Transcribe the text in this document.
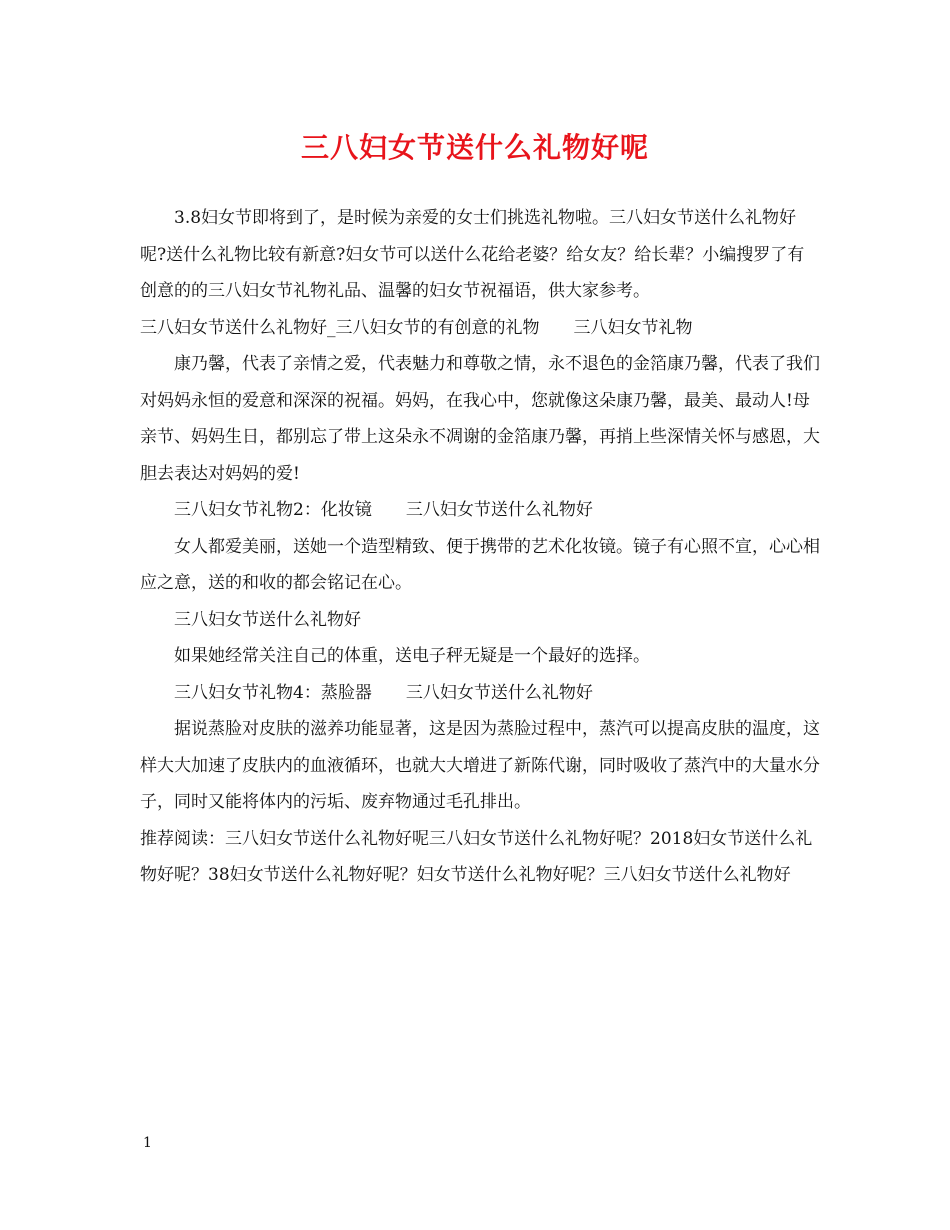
三八妇女节送什么礼物好呢

3.8妇女节即将到了，是时候为亲爱的女士们挑选礼物啦。三八妇女节送什么礼物好呢?送什么礼物比较有新意?妇女节可以送什么花给老婆？给女友？给长辈？小编搜罗了有创意的的三八妇女节礼物礼品、温馨的妇女节祝福语，供大家参考。

三八妇女节送什么礼物好_三八妇女节的有创意的礼物　　三八妇女节礼物

康乃馨，代表了亲情之爱，代表魅力和尊敬之情，永不退色的金箔康乃馨，代表了我们对妈妈永恒的爱意和深深的祝福。妈妈，在我心中，您就像这朵康乃馨，最美、最动人!母亲节、妈妈生日，都别忘了带上这朵永不凋谢的金箔康乃馨，再捎上些深情关怀与感恩，大胆去表达对妈妈的爱!

三八妇女节礼物2：化妆镜　　三八妇女节送什么礼物好

女人都爱美丽，送她一个造型精致、便于携带的艺术化妆镜。镜子有心照不宣，心心相应之意，送的和收的都会铭记在心。

三八妇女节送什么礼物好

如果她经常关注自己的体重，送电子秤无疑是一个最好的选择。

三八妇女节礼物4：蒸脸器　　三八妇女节送什么礼物好

据说蒸脸对皮肤的滋养功能显著，这是因为蒸脸过程中，蒸汽可以提高皮肤的温度，这样大大加速了皮肤内的血液循环，也就大大增进了新陈代谢，同时吸收了蒸汽中的大量水分子，同时又能将体内的污垢、废弃物通过毛孔排出。

推荐阅读：三八妇女节送什么礼物好呢三八妇女节送什么礼物好呢？2018妇女节送什么礼物好呢？38妇女节送什么礼物好呢？妇女节送什么礼物好呢？三八妇女节送什么礼物好

1
